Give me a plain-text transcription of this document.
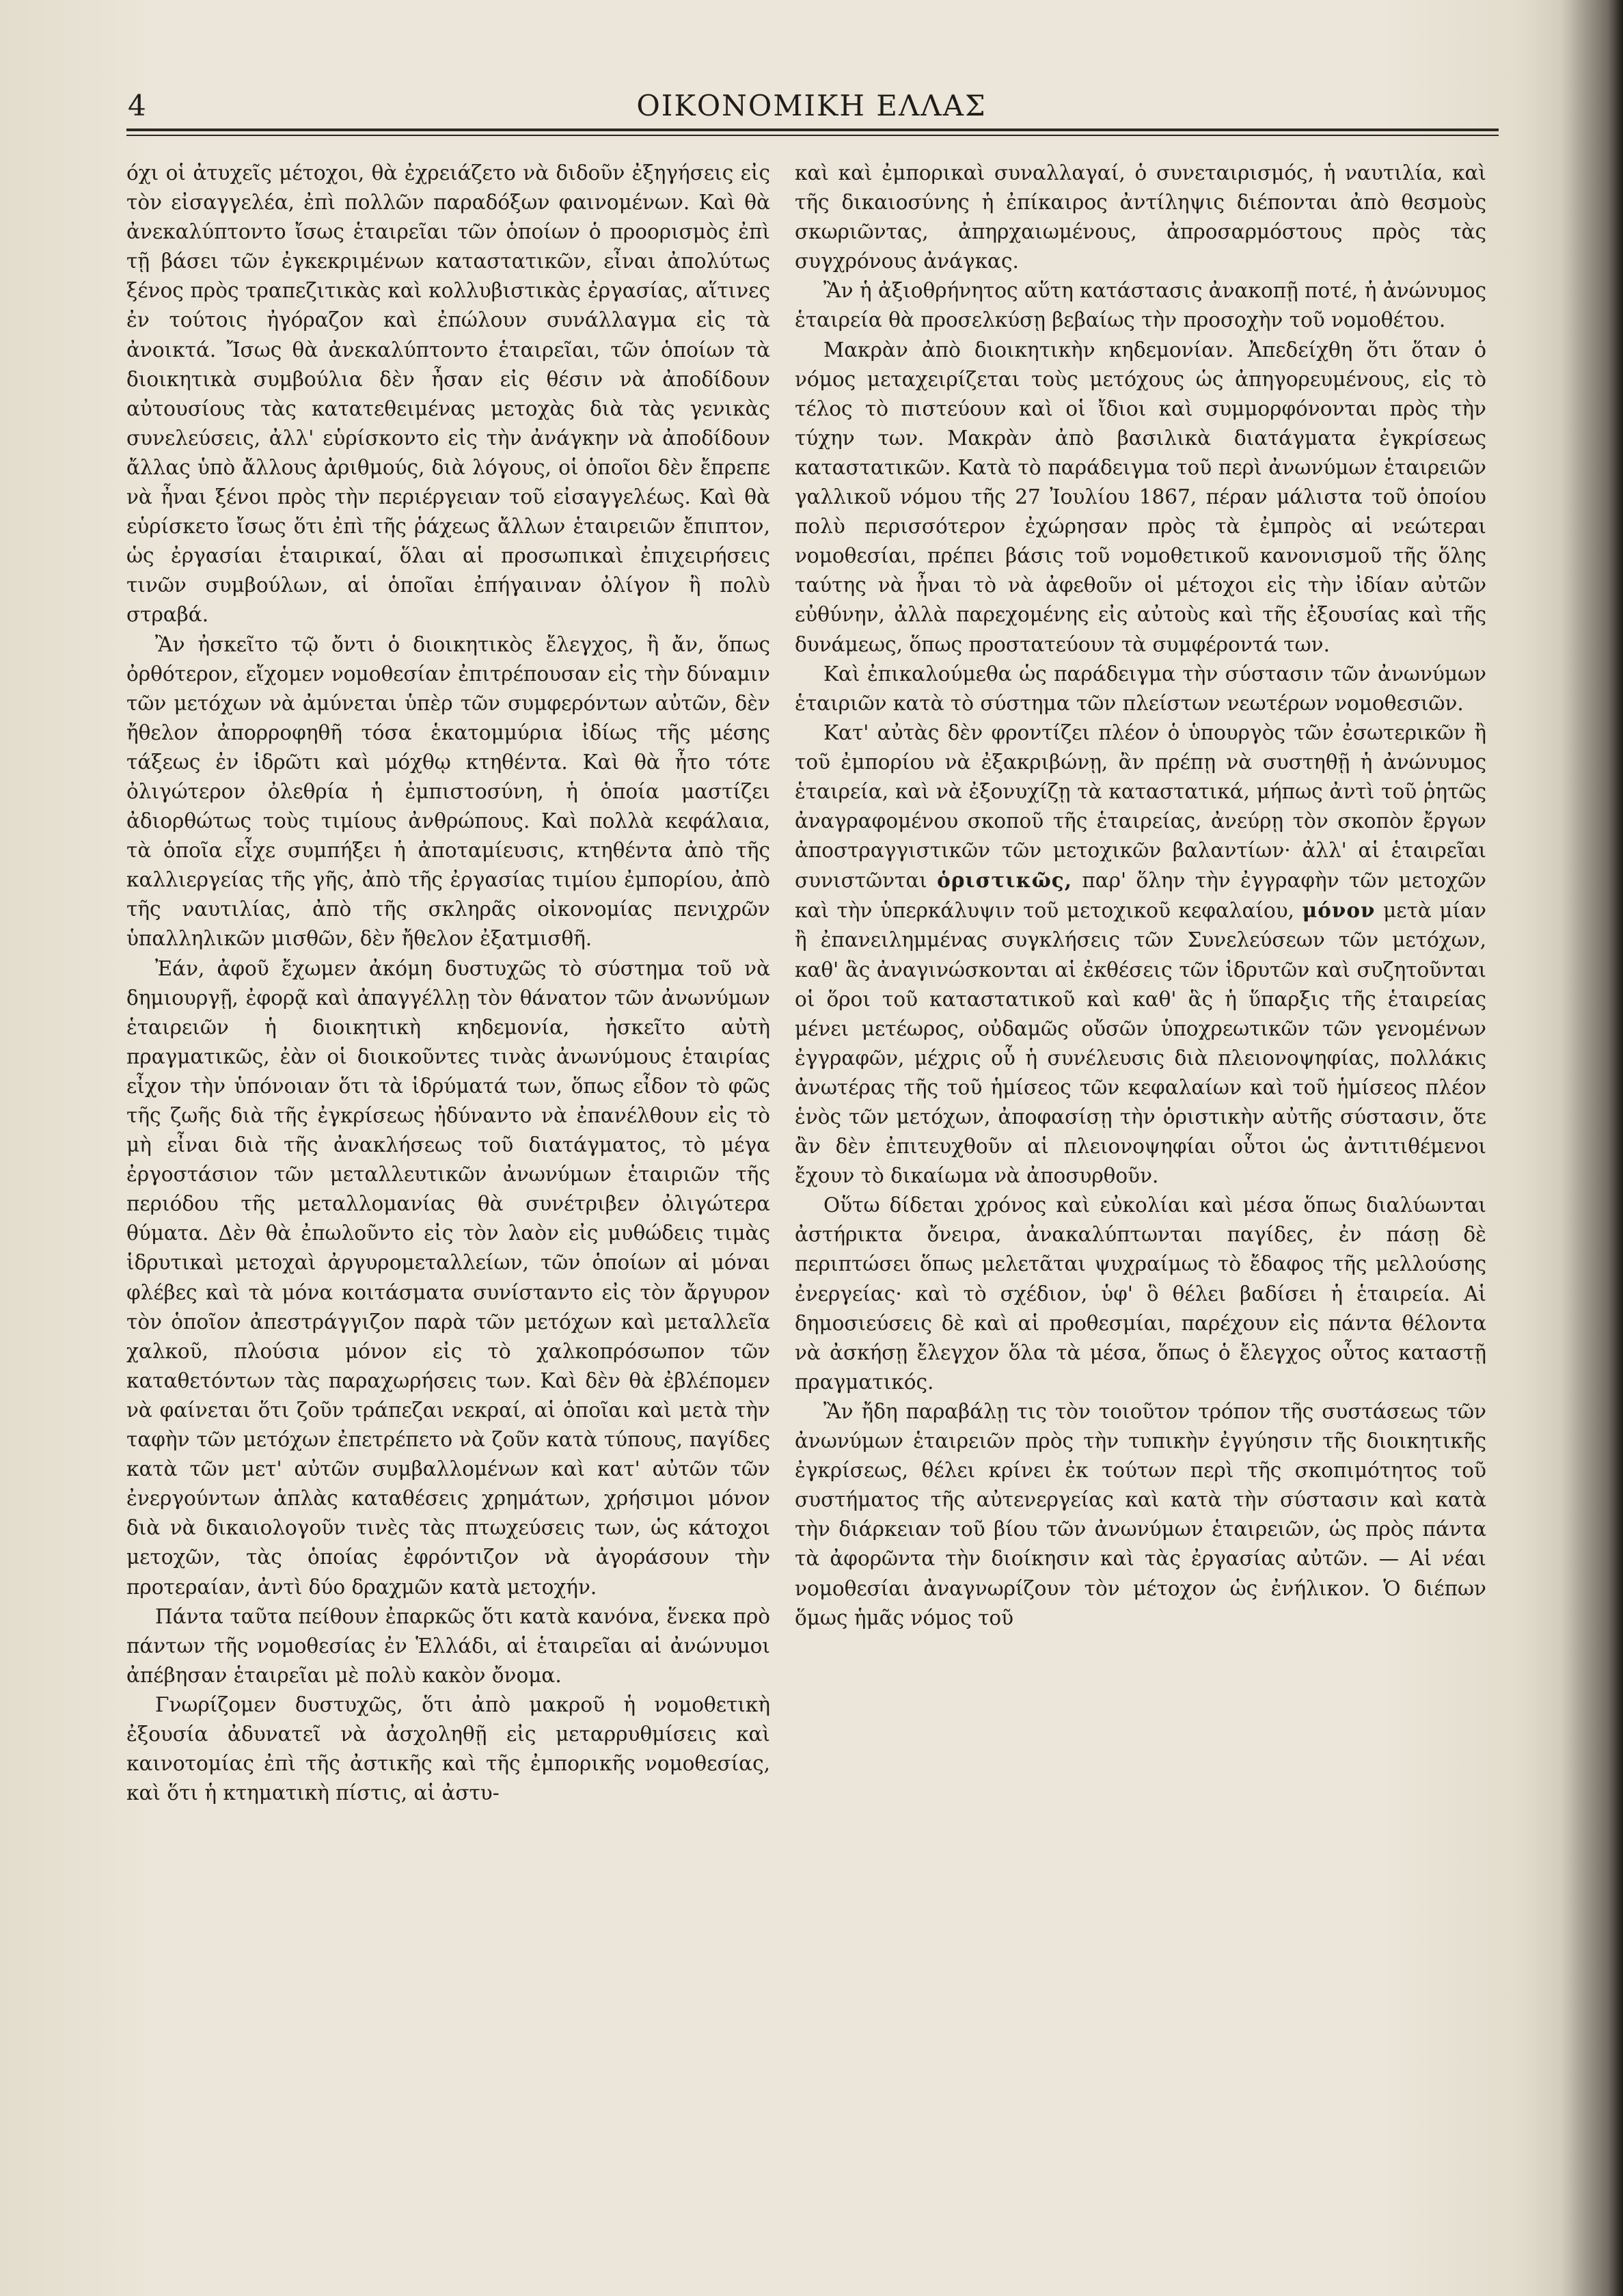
4	ΟΙΚΟΝΟΜΙΚΗ ΕΛΛΑΣ

όχι οἱ ἀτυχεῖς μέτοχοι, θὰ ἐχρειάζετο νὰ διδοῦν ἐξηγήσεις εἰς τὸν εἰσαγγελέα, ἐπὶ πολλῶν παραδόξων φαινομένων. Καὶ θὰ ἀνεκαλύπτοντο ἴσως ἑταιρεῖαι τῶν ὁποίων ὁ προορισμὸς ἐπὶ τῇ βάσει τῶν ἐγκεκριμένων καταστατικῶν, εἶναι ἀπολύτως ξένος πρὸς τραπεζιτικὰς καὶ κολλυβιστικὰς ἐργασίας, αἵτινες ἐν τούτοις ἠγόραζον καὶ ἐπώλουν συνάλλαγμα εἰς τὰ ἀνοικτά. Ἴσως θὰ ἀνεκαλύπτοντο ἑταιρεῖαι, τῶν ὁποίων τὰ διοικητικὰ συμβούλια δὲν ἦσαν εἰς θέσιν νὰ ἀποδίδουν αὐτουσίους τὰς κατατεθειμένας μετοχὰς διὰ τὰς γενικὰς συνελεύσεις, ἀλλ' εὑρίσκοντο εἰς τὴν ἀνάγκην νὰ ἀποδίδουν ἄλλας ὑπὸ ἄλλους ἀριθμούς, διὰ λόγους, οἱ ὁποῖοι δὲν ἔπρεπε νὰ ἦναι ξένοι πρὸς τὴν περιέργειαν τοῦ εἰσαγγελέως. Καὶ θὰ εὑρίσκετο ἴσως ὅτι ἐπὶ τῆς ῥάχεως ἄλλων ἑταιρειῶν ἔπιπτον, ὡς ἐργασίαι ἑταιρικαί, ὅλαι αἱ προσωπικαὶ ἐπιχειρήσεις τινῶν συμβούλων, αἱ ὁποῖαι ἐπήγαιναν ὀλίγον ἢ πολὺ στραβά.

Ἂν ἠσκεῖτο τῷ ὄντι ὁ διοικητικὸς ἔλεγχος, ἢ ἄν, ὅπως ὀρθότερον, εἴχομεν νομοθεσίαν ἐπιτρέπουσαν εἰς τὴν δύναμιν τῶν μετόχων νὰ ἀμύνεται ὑπὲρ τῶν συμφερόντων αὐτῶν, δὲν ἤθελον ἀπορροφηθῆ τόσα ἑκατομμύρια ἰδίως τῆς μέσης τάξεως ἐν ἱδρῶτι καὶ μόχθῳ κτηθέντα. Καὶ θὰ ἦτο τότε ὀλιγώτερον ὀλεθρία ἡ ἐμπιστοσύνη, ἡ ὁποία μαστίζει ἀδιορθώτως τοὺς τιμίους ἀνθρώπους. Καὶ πολλὰ κεφάλαια, τὰ ὁποῖα εἶχε συμπήξει ἡ ἀποταμίευσις, κτηθέντα ἀπὸ τῆς καλλιεργείας τῆς γῆς, ἀπὸ τῆς ἐργασίας τιμίου ἐμπορίου, ἀπὸ τῆς ναυτιλίας, ἀπὸ τῆς σκληρᾶς οἰκονομίας πενιχρῶν ὑπαλληλικῶν μισθῶν, δὲν ἤθελον ἐξατμισθῆ.

Ἐάν, ἀφοῦ ἔχωμεν ἀκόμη δυστυχῶς τὸ σύστημα τοῦ νὰ δημιουργῇ, ἐφορᾷ καὶ ἀπαγγέλλῃ τὸν θάνατον τῶν ἀνωνύμων ἑταιρειῶν ἡ διοικητικὴ κηδεμονία, ἠσκεῖτο αὐτὴ πραγματικῶς, ἐὰν οἱ διοικοῦντες τινὰς ἀνωνύμους ἑταιρίας εἶχον τὴν ὑπόνοιαν ὅτι τὰ ἱδρύματά των, ὅπως εἶδον τὸ φῶς τῆς ζωῆς διὰ τῆς ἐγκρίσεως ἠδύναντο νὰ ἐπανέλθουν εἰς τὸ μὴ εἶναι διὰ τῆς ἀνακλήσεως τοῦ διατάγματος, τὸ μέγα ἐργοστάσιον τῶν μεταλλευτικῶν ἀνωνύμων ἑταιριῶν τῆς περιόδου τῆς μεταλλομανίας θὰ συνέτριβεν ὀλιγώτερα θύματα. Δὲν θὰ ἐπωλοῦντο εἰς τὸν λαὸν εἰς μυθώδεις τιμὰς ἱδρυτικαὶ μετοχαὶ ἀργυρομεταλλείων, τῶν ὁποίων αἱ μόναι φλέβες καὶ τὰ μόνα κοιτάσματα συνίσταντο εἰς τὸν ἄργυρον τὸν ὁποῖον ἀπεστράγγιζον παρὰ τῶν μετόχων καὶ μεταλλεῖα χαλκοῦ, πλούσια μόνον εἰς τὸ χαλκοπρόσωπον τῶν καταθετόντων τὰς παραχωρήσεις των. Καὶ δὲν θὰ ἐβλέπομεν νὰ φαίνεται ὅτι ζοῦν τράπεζαι νεκραί, αἱ ὁποῖαι καὶ μετὰ τὴν ταφὴν τῶν μετόχων ἐπετρέπετο νὰ ζοῦν κατὰ τύπους, παγίδες κατὰ τῶν μετ' αὐτῶν συμβαλλομένων καὶ κατ' αὐτῶν τῶν ἐνεργούντων ἁπλὰς καταθέσεις χρημάτων, χρήσιμοι μόνον διὰ νὰ δικαιολογοῦν τινὲς τὰς πτωχεύσεις των, ὡς κάτοχοι μετοχῶν, τὰς ὁποίας ἐφρόντιζον νὰ ἀγοράσουν τὴν προτεραίαν, ἀντὶ δύο δραχμῶν κατὰ μετοχήν.

Πάντα ταῦτα πείθουν ἐπαρκῶς ὅτι κατὰ κανόνα, ἕνεκα πρὸ πάντων τῆς νομοθεσίας ἐν Ἑλλάδι, αἱ ἑταιρεῖαι αἱ ἀνώνυμοι ἀπέβησαν ἑταιρεῖαι μὲ πολὺ κακὸν ὄνομα.

Γνωρίζομεν δυστυχῶς, ὅτι ἀπὸ μακροῦ ἡ νομοθετικὴ ἐξουσία ἀδυνατεῖ νὰ ἀσχοληθῇ εἰς μεταρρυθμίσεις καὶ καινοτομίας ἐπὶ τῆς ἀστικῆς καὶ τῆς ἐμπορικῆς νομοθεσίας, καὶ ὅτι ἡ κτηματικὴ πίστις, αἱ ἀστυ-

καὶ καὶ ἐμπορικαὶ συναλλαγαί, ὁ συνεταιρισμός, ἡ ναυτιλία, καὶ τῆς δικαιοσύνης ἡ ἐπίκαιρος ἀντίληψις διέπονται ἀπὸ θεσμοὺς σκωριῶντας, ἀπηρχαιωμένους, ἀπροσαρμόστους πρὸς τὰς συγχρόνους ἀνάγκας.

Ἂν ἡ ἀξιοθρήνητος αὕτη κατάστασις ἀνακοπῇ ποτέ, ἡ ἀνώνυμος ἑταιρεία θὰ προσελκύσῃ βεβαίως τὴν προσοχὴν τοῦ νομοθέτου.

Μακρὰν ἀπὸ διοικητικὴν κηδεμονίαν. Ἀπεδείχθη ὅτι ὅταν ὁ νόμος μεταχειρίζεται τοὺς μετόχους ὡς ἀπηγορευμένους, εἰς τὸ τέλος τὸ πιστεύουν καὶ οἱ ἴδιοι καὶ συμμορφόνονται πρὸς τὴν τύχην των. Μακρὰν ἀπὸ βασιλικὰ διατάγματα ἐγκρίσεως καταστατικῶν. Κατὰ τὸ παράδειγμα τοῦ περὶ ἀνωνύμων ἑταιρειῶν γαλλικοῦ νόμου τῆς 27 Ἰουλίου 1867, πέραν μάλιστα τοῦ ὁποίου πολὺ περισσότερον ἐχώρησαν πρὸς τὰ ἐμπρὸς αἱ νεώτεραι νομοθεσίαι, πρέπει βάσις τοῦ νομοθετικοῦ κανονισμοῦ τῆς ὅλης ταύτης νὰ ἦναι τὸ νὰ ἀφεθοῦν οἱ μέτοχοι εἰς τὴν ἰδίαν αὐτῶν εὐθύνην, ἀλλὰ παρεχομένης εἰς αὐτοὺς καὶ τῆς ἐξουσίας καὶ τῆς δυνάμεως, ὅπως προστατεύουν τὰ συμφέροντά των.

Καὶ ἐπικαλούμεθα ὡς παράδειγμα τὴν σύστασιν τῶν ἀνωνύμων ἑταιριῶν κατὰ τὸ σύστημα τῶν πλείστων νεωτέρων νομοθεσιῶν.

Κατ' αὐτὰς δὲν φροντίζει πλέον ὁ ὑπουργὸς τῶν ἐσωτερικῶν ἢ τοῦ ἐμπορίου νὰ ἐξακριβώνῃ, ἂν πρέπῃ νὰ συστηθῇ ἡ ἀνώνυμος ἑταιρεία, καὶ νὰ ἐξονυχίζῃ τὰ καταστατικά, μήπως ἀντὶ τοῦ ῥητῶς ἀναγραφομένου σκοποῦ τῆς ἑταιρείας, ἀνεύρῃ τὸν σκοπὸν ἔργων ἀποστραγγιστικῶν τῶν μετοχικῶν βαλαντίων· ἀλλ' αἱ ἑταιρεῖαι συνιστῶνται ὁριστικῶς, παρ' ὅλην τὴν ἐγγραφὴν τῶν μετοχῶν καὶ τὴν ὑπερκάλυψιν τοῦ μετοχικοῦ κεφαλαίου, μόνον μετὰ μίαν ἢ ἐπανειλημμένας συγκλήσεις τῶν Συνελεύσεων τῶν μετόχων, καθ' ἃς ἀναγινώσκονται αἱ ἐκθέσεις τῶν ἱδρυτῶν καὶ συζητοῦνται οἱ ὅροι τοῦ καταστατικοῦ καὶ καθ' ἃς ἡ ὕπαρξις τῆς ἑταιρείας μένει μετέωρος, οὐδαμῶς οὔσῶν ὑποχρεωτικῶν τῶν γενομένων ἐγγραφῶν, μέχρις οὗ ἡ συνέλευσις διὰ πλειονοψηφίας, πολλάκις ἀνωτέρας τῆς τοῦ ἡμίσεος τῶν κεφαλαίων καὶ τοῦ ἡμίσεος πλέον ἑνὸς τῶν μετόχων, ἀποφασίσῃ τὴν ὁριστικὴν αὐτῆς σύστασιν, ὅτε ἂν δὲν ἐπιτευχθοῦν αἱ πλειονοψηφίαι οὗτοι ὡς ἀντιτιθέμενοι ἔχουν τὸ δικαίωμα νὰ ἀποσυρθοῦν.

Οὕτω δίδεται χρόνος καὶ εὐκολίαι καὶ μέσα ὅπως διαλύωνται ἀστήρικτα ὄνειρα, ἀνακαλύπτωνται παγίδες, ἐν πάσῃ δὲ περιπτώσει ὅπως μελετᾶται ψυχραίμως τὸ ἔδαφος τῆς μελλούσης ἐνεργείας· καὶ τὸ σχέδιον, ὑφ' ὃ θέλει βαδίσει ἡ ἑταιρεία. Αἱ δημοσιεύσεις δὲ καὶ αἱ προθεσμίαι, παρέχουν εἰς πάντα θέλοντα νὰ ἀσκήσῃ ἔλεγχον ὅλα τὰ μέσα, ὅπως ὁ ἔλεγχος οὗτος καταστῇ πραγματικός.

Ἂν ἤδη παραβάλῃ τις τὸν τοιοῦτον τρόπον τῆς συστάσεως τῶν ἀνωνύμων ἑταιρειῶν πρὸς τὴν τυπικὴν ἐγγύησιν τῆς διοικητικῆς ἐγκρίσεως, θέλει κρίνει ἐκ τούτων περὶ τῆς σκοπιμότητος τοῦ συστήματος τῆς αὐτενεργείας καὶ κατὰ τὴν σύστασιν καὶ κατὰ τὴν διάρκειαν τοῦ βίου τῶν ἀνωνύμων ἑταιρειῶν, ὡς πρὸς πάντα τὰ ἀφορῶντα τὴν διοίκησιν καὶ τὰς ἐργασίας αὐτῶν. — Αἱ νέαι νομοθεσίαι ἀναγνωρίζουν τὸν μέτοχον ὡς ἐνήλικον. Ὁ διέπων ὅμως ἡμᾶς νόμος τοῦ
